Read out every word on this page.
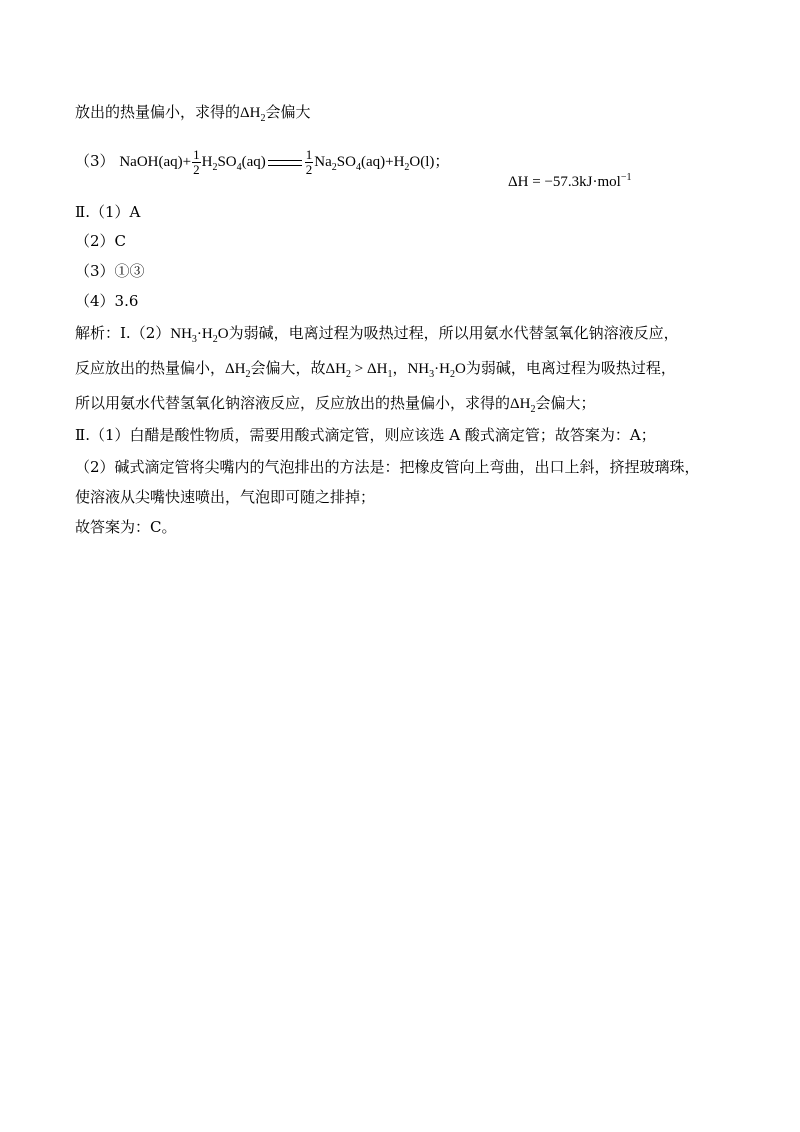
放出的热量偏小，求得的$\Delta H_2$会偏大
（3） NaOH(aq)+ $\frac{1}{2} H_2SO_4(aq)$	$\frac{1}{2} Na_2SO_4(aq)+H_2O(l)$；
ΔH = −57.3kJ·mol$^{-1}$
Ⅱ.（1）A
（2）C
（3）①③
（4）3.6
解析：$Ⅰ.(2)NH_3\cdot H_2O$为弱碱，电离过程为吸热过程，所以用氨水代替氢氧化钠溶液反应，
反应放出的热量偏小，$\Delta H_2$会偏大，故$\Delta H_2 > \Delta H_1$，$NH_3\cdot H_2O$为弱碱，电离过程为吸热过程，
所以用氨水代替氢氧化钠溶液反应，反应放出的热量偏小，求得的$\Delta H_2$会偏大；
Ⅱ.（1）白醋是酸性物质，需要用酸式滴定管，则应该选 A 酸式滴定管；故答案为：A；
（2）碱式滴定管将尖嘴内的气泡排出的方法是：把橡皮管向上弯曲，出口上斜，挤捏玻璃珠，
使溶液从尖嘴快速喷出，气泡即可随之排掉；
故答案为：C。
